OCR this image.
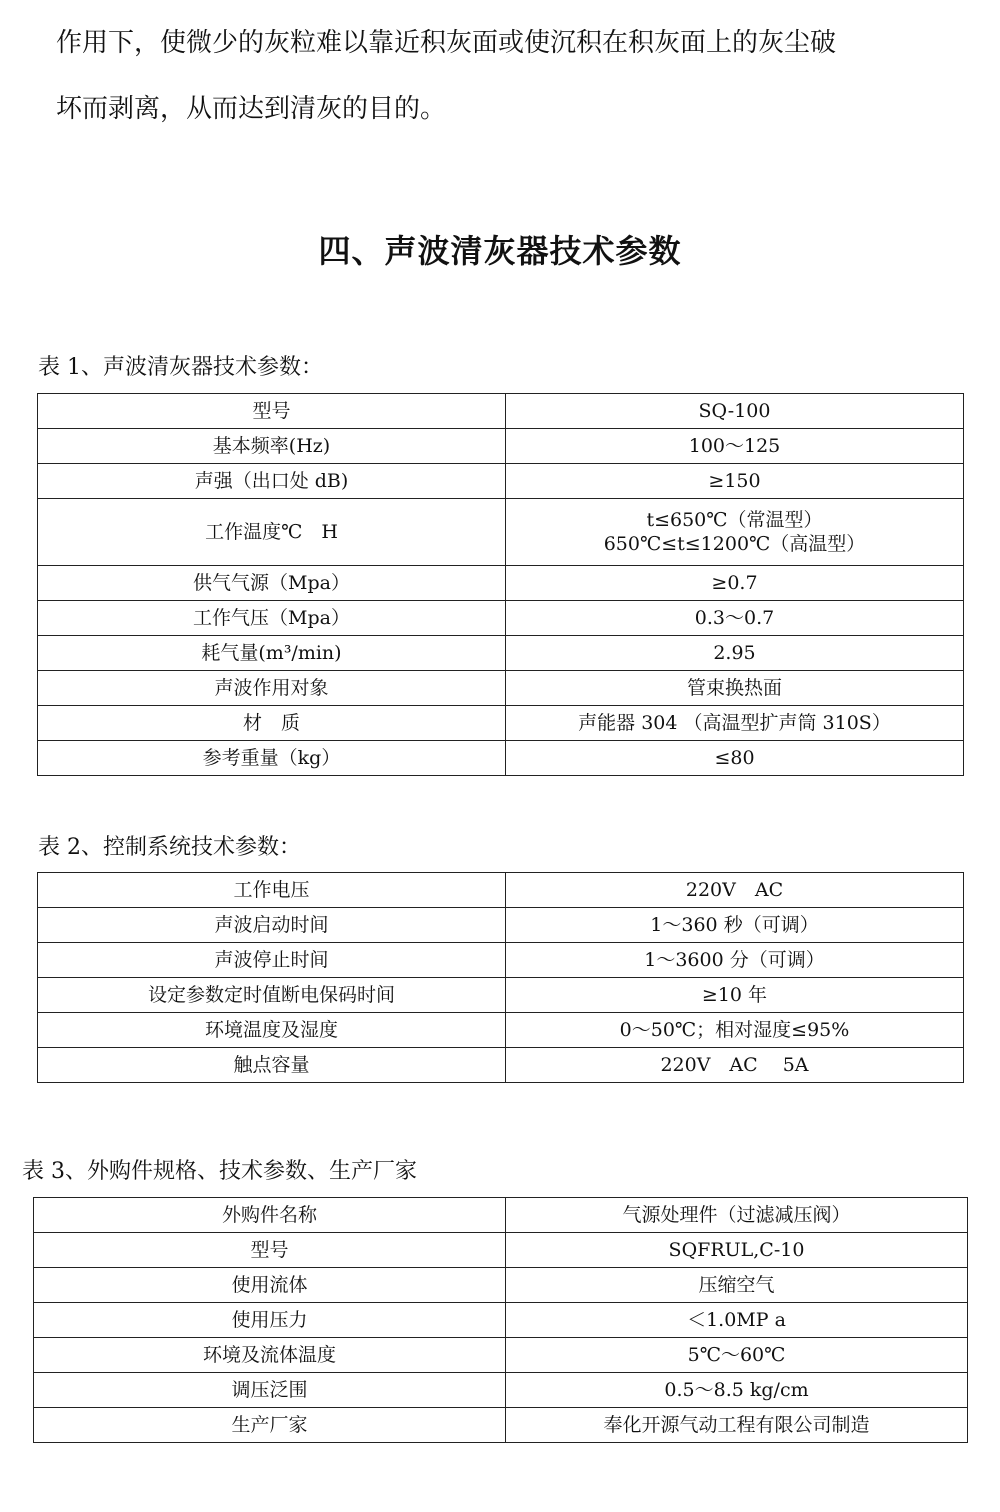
作用下，使微少的灰粒难以靠近积灰面或使沉积在积灰面上的灰尘破

坏而剥离，从而达到清灰的目的。

四、声波清灰器技术参数

表 1、声波清灰器技术参数：

型号	SQ-100
基本频率(Hz)	100～125
声强（出口处 dB)	≥150
工作温度℃　H	t≤650℃（常温型）
650℃≤t≤1200℃（高温型）

供气气源（Mpa）	≥0.7
工作气压（Mpa）	0.3～0.7
耗气量(m³/min)	2.95
声波作用对象	管束换热面
材　质	声能器 304 （高温型扩声筒 310S）
参考重量（kg）	≤80

表 2、控制系统技术参数：

工作电压	220V　AC
声波启动时间	1～360 秒（可调）
声波停止时间	1～3600 分（可调）
设定参数定时值断电保码时间	≥10 年
环境温度及湿度	0～50℃；相对湿度≤95%
触点容量	220V　AC　 5A

表 3、外购件规格、技术参数、生产厂家

外购件名称	气源处理件（过滤减压阀）
型号	SQFRUL,C-10
使用流体	压缩空气
使用压力	＜1.0MP a
环境及流体温度	5℃～60℃
调压泛围	0.5～8.5 kg/cm
生产厂家	奉化开源气动工程有限公司制造
